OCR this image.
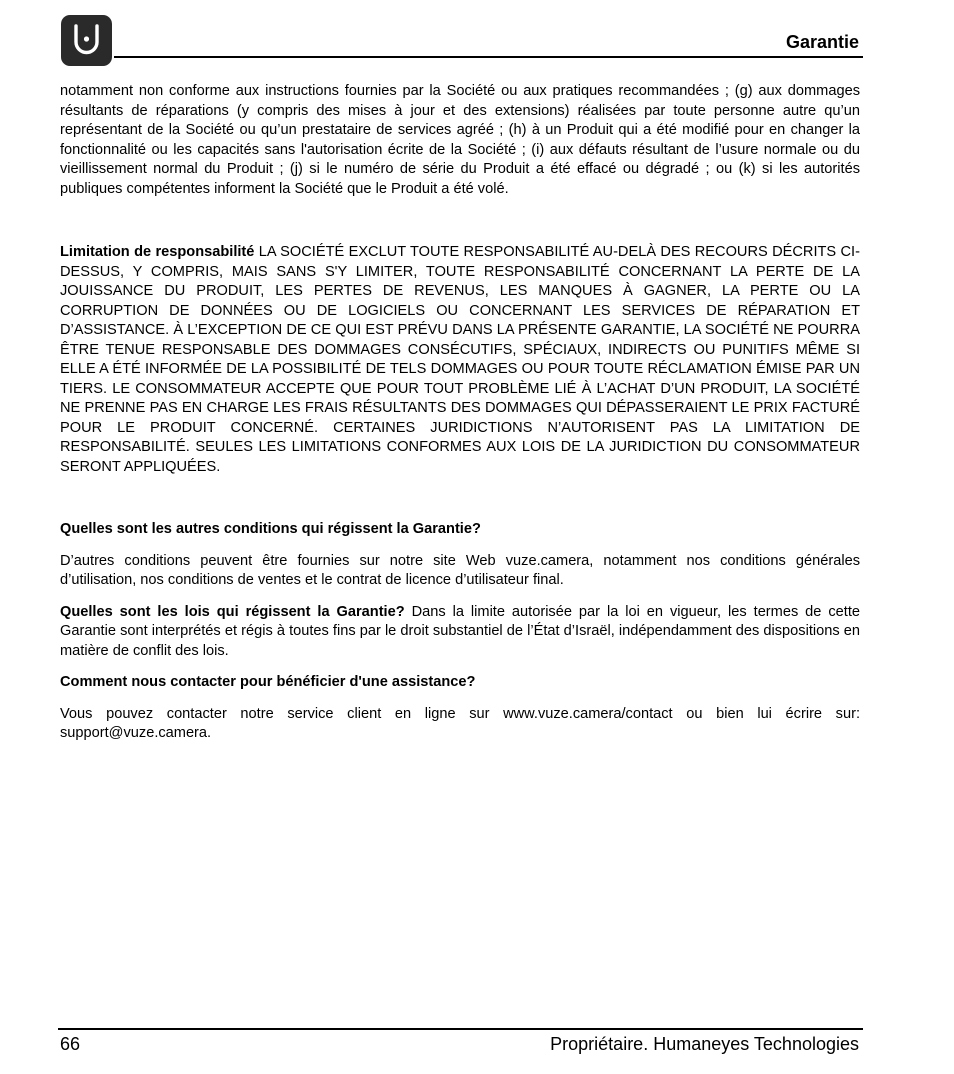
Garantie

notamment non conforme aux instructions fournies par la Société ou aux pratiques recommandées ; (g) aux dommages résultants de réparations (y compris des mises à jour et des extensions) réalisées par toute personne autre qu’un représentant de la Société ou qu’un prestataire de services agréé ; (h) à un Produit qui a été modifié pour en changer la fonctionnalité ou les capacités sans l'autorisation écrite de la Société ; (i) aux défauts résultant de l’usure normale ou du vieillissement normal du Produit ; (j) si le numéro de série du Produit a été effacé ou dégradé ; ou (k) si les autorités publiques compétentes informent la Société que le Produit a été volé.

Limitation de responsabilité LA SOCIÉTÉ EXCLUT TOUTE RESPONSABILITÉ AU-DELÀ DES RECOURS DÉCRITS CI-DESSUS, Y COMPRIS, MAIS SANS S'Y LIMITER, TOUTE RESPONSABILITÉ CONCERNANT LA PERTE DE LA JOUISSANCE DU PRODUIT, LES PERTES DE REVENUS, LES MANQUES À GAGNER, LA PERTE OU LA CORRUPTION DE DONNÉES OU DE LOGICIELS OU CONCERNANT LES SERVICES DE RÉPARATION ET D’ASSISTANCE. À L’EXCEPTION DE CE QUI EST PRÉVU DANS LA PRÉSENTE GARANTIE, LA SOCIÉTÉ NE POURRA ÊTRE TENUE RESPONSABLE DES DOMMAGES CONSÉCUTIFS, SPÉCIAUX, INDIRECTS OU PUNITIFS MÊME SI ELLE A ÉTÉ INFORMÉE DE LA POSSIBILITÉ DE TELS DOMMAGES OU POUR TOUTE RÉCLAMATION ÉMISE PAR UN TIERS. LE CONSOMMATEUR ACCEPTE QUE POUR TOUT PROBLÈME LIÉ À L’ACHAT D’UN PRODUIT, LA SOCIÉTÉ NE PRENNE PAS EN CHARGE LES FRAIS RÉSULTANTS DES DOMMAGES QUI DÉPASSERAIENT LE PRIX FACTURÉ POUR LE PRODUIT CONCERNÉ. CERTAINES JURIDICTIONS N’AUTORISENT PAS LA LIMITATION DE RESPONSABILITÉ. SEULES LES LIMITATIONS CONFORMES AUX LOIS DE LA JURIDICTION DU CONSOMMATEUR SERONT APPLIQUÉES.

Quelles sont les autres conditions qui régissent la Garantie?

D’autres conditions peuvent être fournies sur notre site Web vuze.camera, notamment nos conditions générales d’utilisation, nos conditions de ventes et le contrat de licence d’utilisateur final.

Quelles sont les lois qui régissent la Garantie? Dans la limite autorisée par la loi en vigueur, les termes de cette Garantie sont interprétés et régis à toutes fins par le droit substantiel de l’État d’Israël, indépendamment des dispositions en matière de conflit des lois.

Comment nous contacter pour bénéficier d'une assistance?

Vous pouvez contacter notre service client en ligne sur www.vuze.camera/contact ou bien lui écrire sur: support@vuze.camera.

66	Propriétaire. Humaneyes Technologies
